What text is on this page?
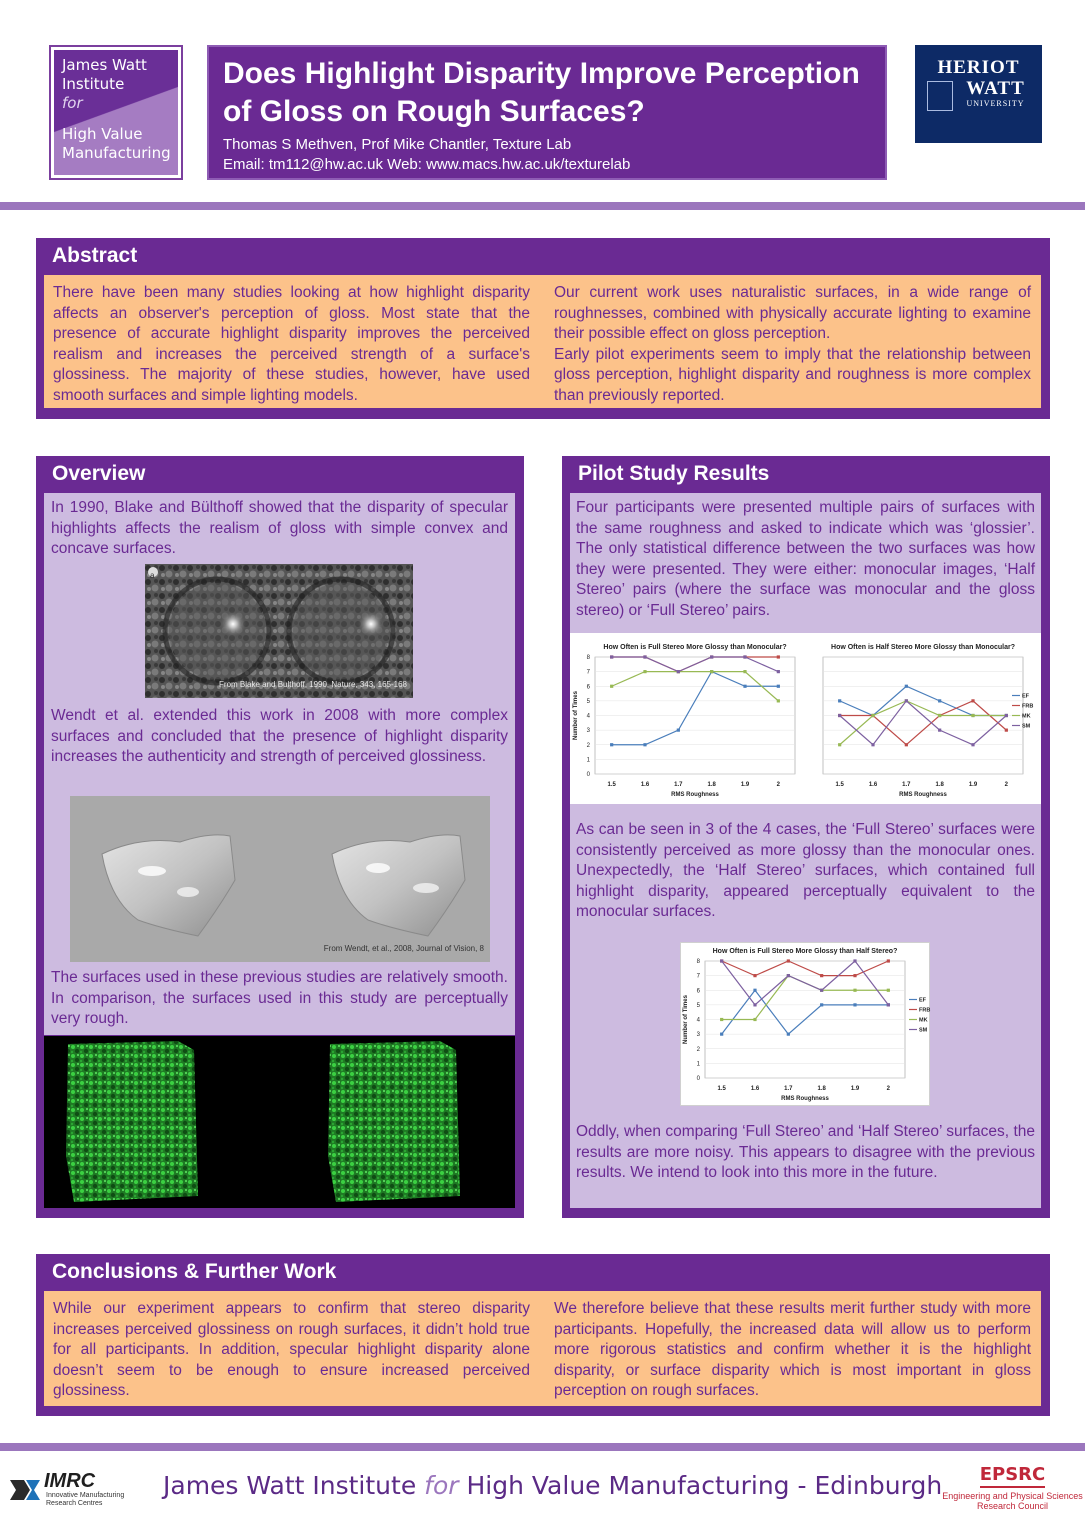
James Watt
Institute
for
High Value
Manufacturing
Does Highlight Disparity Improve Perception of Gloss on Rough Surfaces?
Thomas S Methven, Prof Mike Chantler, Texture Lab
Email: tm112@hw.ac.uk Web: www.macs.hw.ac.uk/texturelab
HERIOT
WATT
UNIVERSITY
Abstract
There have been many studies looking at how highlight disparity affects an observer's perception of gloss. Most state that the presence of accurate highlight disparity improves the perceived realism and increases the perceived strength of a surface's glossiness. The majority of these studies, however, have used smooth surfaces and simple lighting models.
Our current work uses naturalistic surfaces, in a wide range of roughnesses, combined with physically accurate lighting to examine their possible effect on gloss perception.
Early pilot experiments seem to imply that the relationship between gloss perception, highlight disparity and roughness is more complex than previously reported.
Overview
In 1990, Blake and Bülthoff showed that the disparity of specular highlights affects the realism of gloss with simple convex and concave surfaces.
a
From Blake and Bulthoff, 1990, Nature, 343, 165-168
Wendt et al. extended this work in 2008 with more complex surfaces and concluded that the presence of highlight disparity increases the authenticity and strength of perceived glossiness.
From Wendt, et al., 2008, Journal of Vision, 8
The surfaces used in these previous studies are relatively smooth. In comparison, the surfaces used in this study are perceptually very rough.
Pilot Study Results
Four participants were presented multiple pairs of surfaces with the same roughness and asked to indicate which was ‘glossier’. The only statistical difference between the two surfaces was how they were presented. They were either: monocular images, ‘Half Stereo’ pairs (where the surface was monocular and the gloss stereo) or ‘Full Stereo’ pairs.
How Often is Full Stereo More Glossy than Monocular?
0
1
2
3
4
5
6
7
8
Number of Times
1.5	1.6	1.7	1.8	1.9	2
RMS Roughness
How Often is Half Stereo More Glossy than Monocular?
1.5	1.6	1.7	1.8	1.9	2
RMS Roughness
EF
FRB
MK
SM
As can be seen in 3 of the 4 cases, the ‘Full Stereo’ surfaces were consistently perceived as more glossy than the monocular ones. Unexpectedly, the ‘Half Stereo’ surfaces, which contained full highlight disparity, appeared perceptually equivalent to the monocular surfaces.
How Often is Full Stereo More Glossy than Half Stereo?
0
1
2
3
4
5
6
7
8
Number of Times
1.5	1.6	1.7	1.8	1.9	2
RMS Roughness
EF
FRB
MK
SM
Oddly, when comparing ‘Full Stereo’ and ‘Half Stereo’ surfaces, the results are more noisy. This appears to disagree with the previous results. We intend to look into this more in the future.
Conclusions & Further Work
While our experiment appears to confirm that stereo disparity increases perceived glossiness on rough surfaces, it didn’t hold true for all participants. In addition, specular highlight disparity alone doesn’t seem to be enough to ensure increased perceived glossiness.
We therefore believe that these results merit further study with more participants. Hopefully, the increased data will allow us to perform more rigorous statistics and confirm whether it is the highlight disparity, or surface disparity which is most important in gloss perception on rough surfaces.
IMRC
Innovative Manufacturing
Research Centres
James Watt Institute for High Value Manufacturing - Edinburgh	EPSRC
Engineering and Physical Sciences
Research Council
